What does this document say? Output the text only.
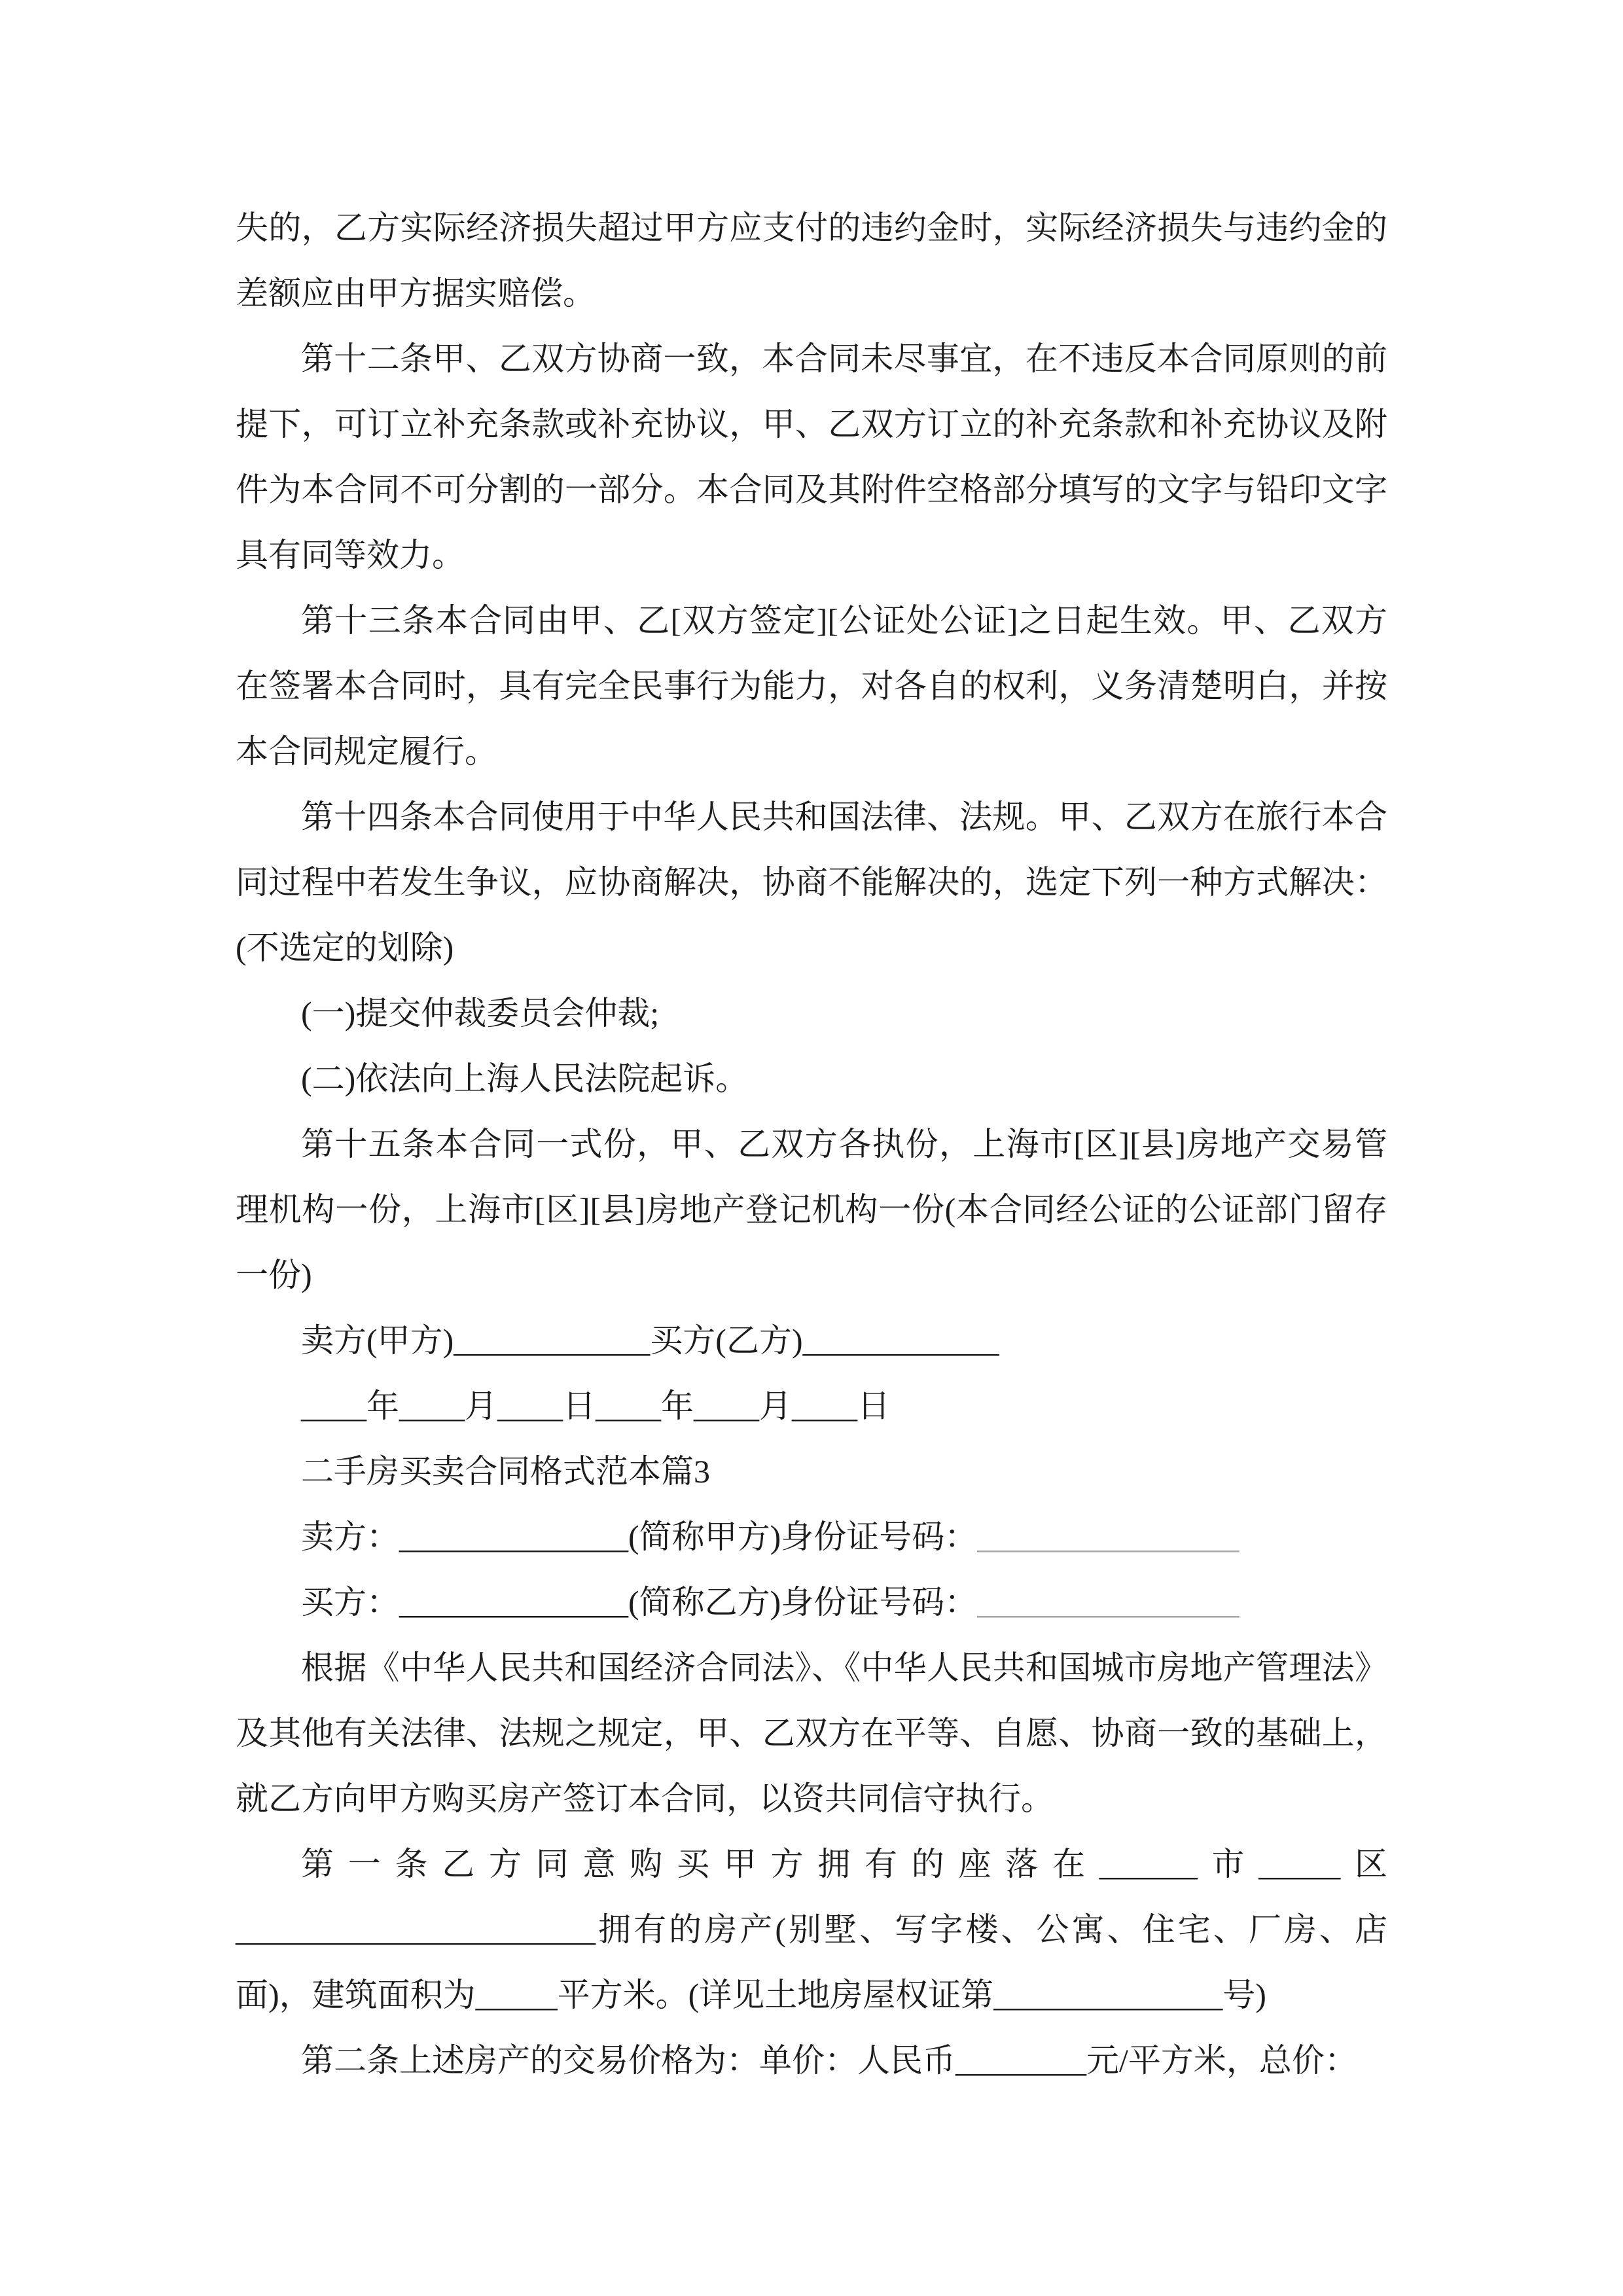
失的，乙方实际经济损失超过甲方应支付的违约金时，实际经济损失与违约金的差额应由甲方据实赔偿。

第十二条甲、乙双方协商一致，本合同未尽事宜，在不违反本合同原则的前提下，可订立补充条款或补充协议，甲、乙双方订立的补充条款和补充协议及附件为本合同不可分割的一部分。本合同及其附件空格部分填写的文字与铅印文字具有同等效力。

第十三条本合同由甲、乙[双方签定][公证处公证]之日起生效。甲、乙双方在签署本合同时，具有完全民事行为能力，对各自的权利，义务清楚明白，并按本合同规定履行。

第十四条本合同使用于中华人民共和国法律、法规。甲、乙双方在旅行本合同过程中若发生争议，应协商解决，协商不能解决的，选定下列一种方式解决：(不选定的划除)

(一)提交仲裁委员会仲裁;

(二)依法向上海人民法院起诉。

第十五条本合同一式份，甲、乙双方各执份，上海市[区][县]房地产交易管理机构一份，上海市[区][县]房地产登记机构一份(本合同经公证的公证部门留存一份)

卖方(甲方)____________买方(乙方)____________

____年____月____日____年____月____日

二手房买卖合同格式范本篇3

卖方：______________(简称甲方)身份证号码：________________

买方：______________(简称乙方)身份证号码：________________

根据《中华人民共和国经济合同法》、《中华人民共和国城市房地产管理法》及其他有关法律、法规之规定，甲、乙双方在平等、自愿、协商一致的基础上，就乙方向甲方购买房产签订本合同，以资共同信守执行。

第一条乙方同意购买甲方拥有的座落在______市_____区______________________拥有的房产(别墅、写字楼、公寓、住宅、厂房、店面)，建筑面积为_____平方米。(详见土地房屋权证第______________号)

第二条上述房产的交易价格为：单价：人民币________元/平方米，总价：
